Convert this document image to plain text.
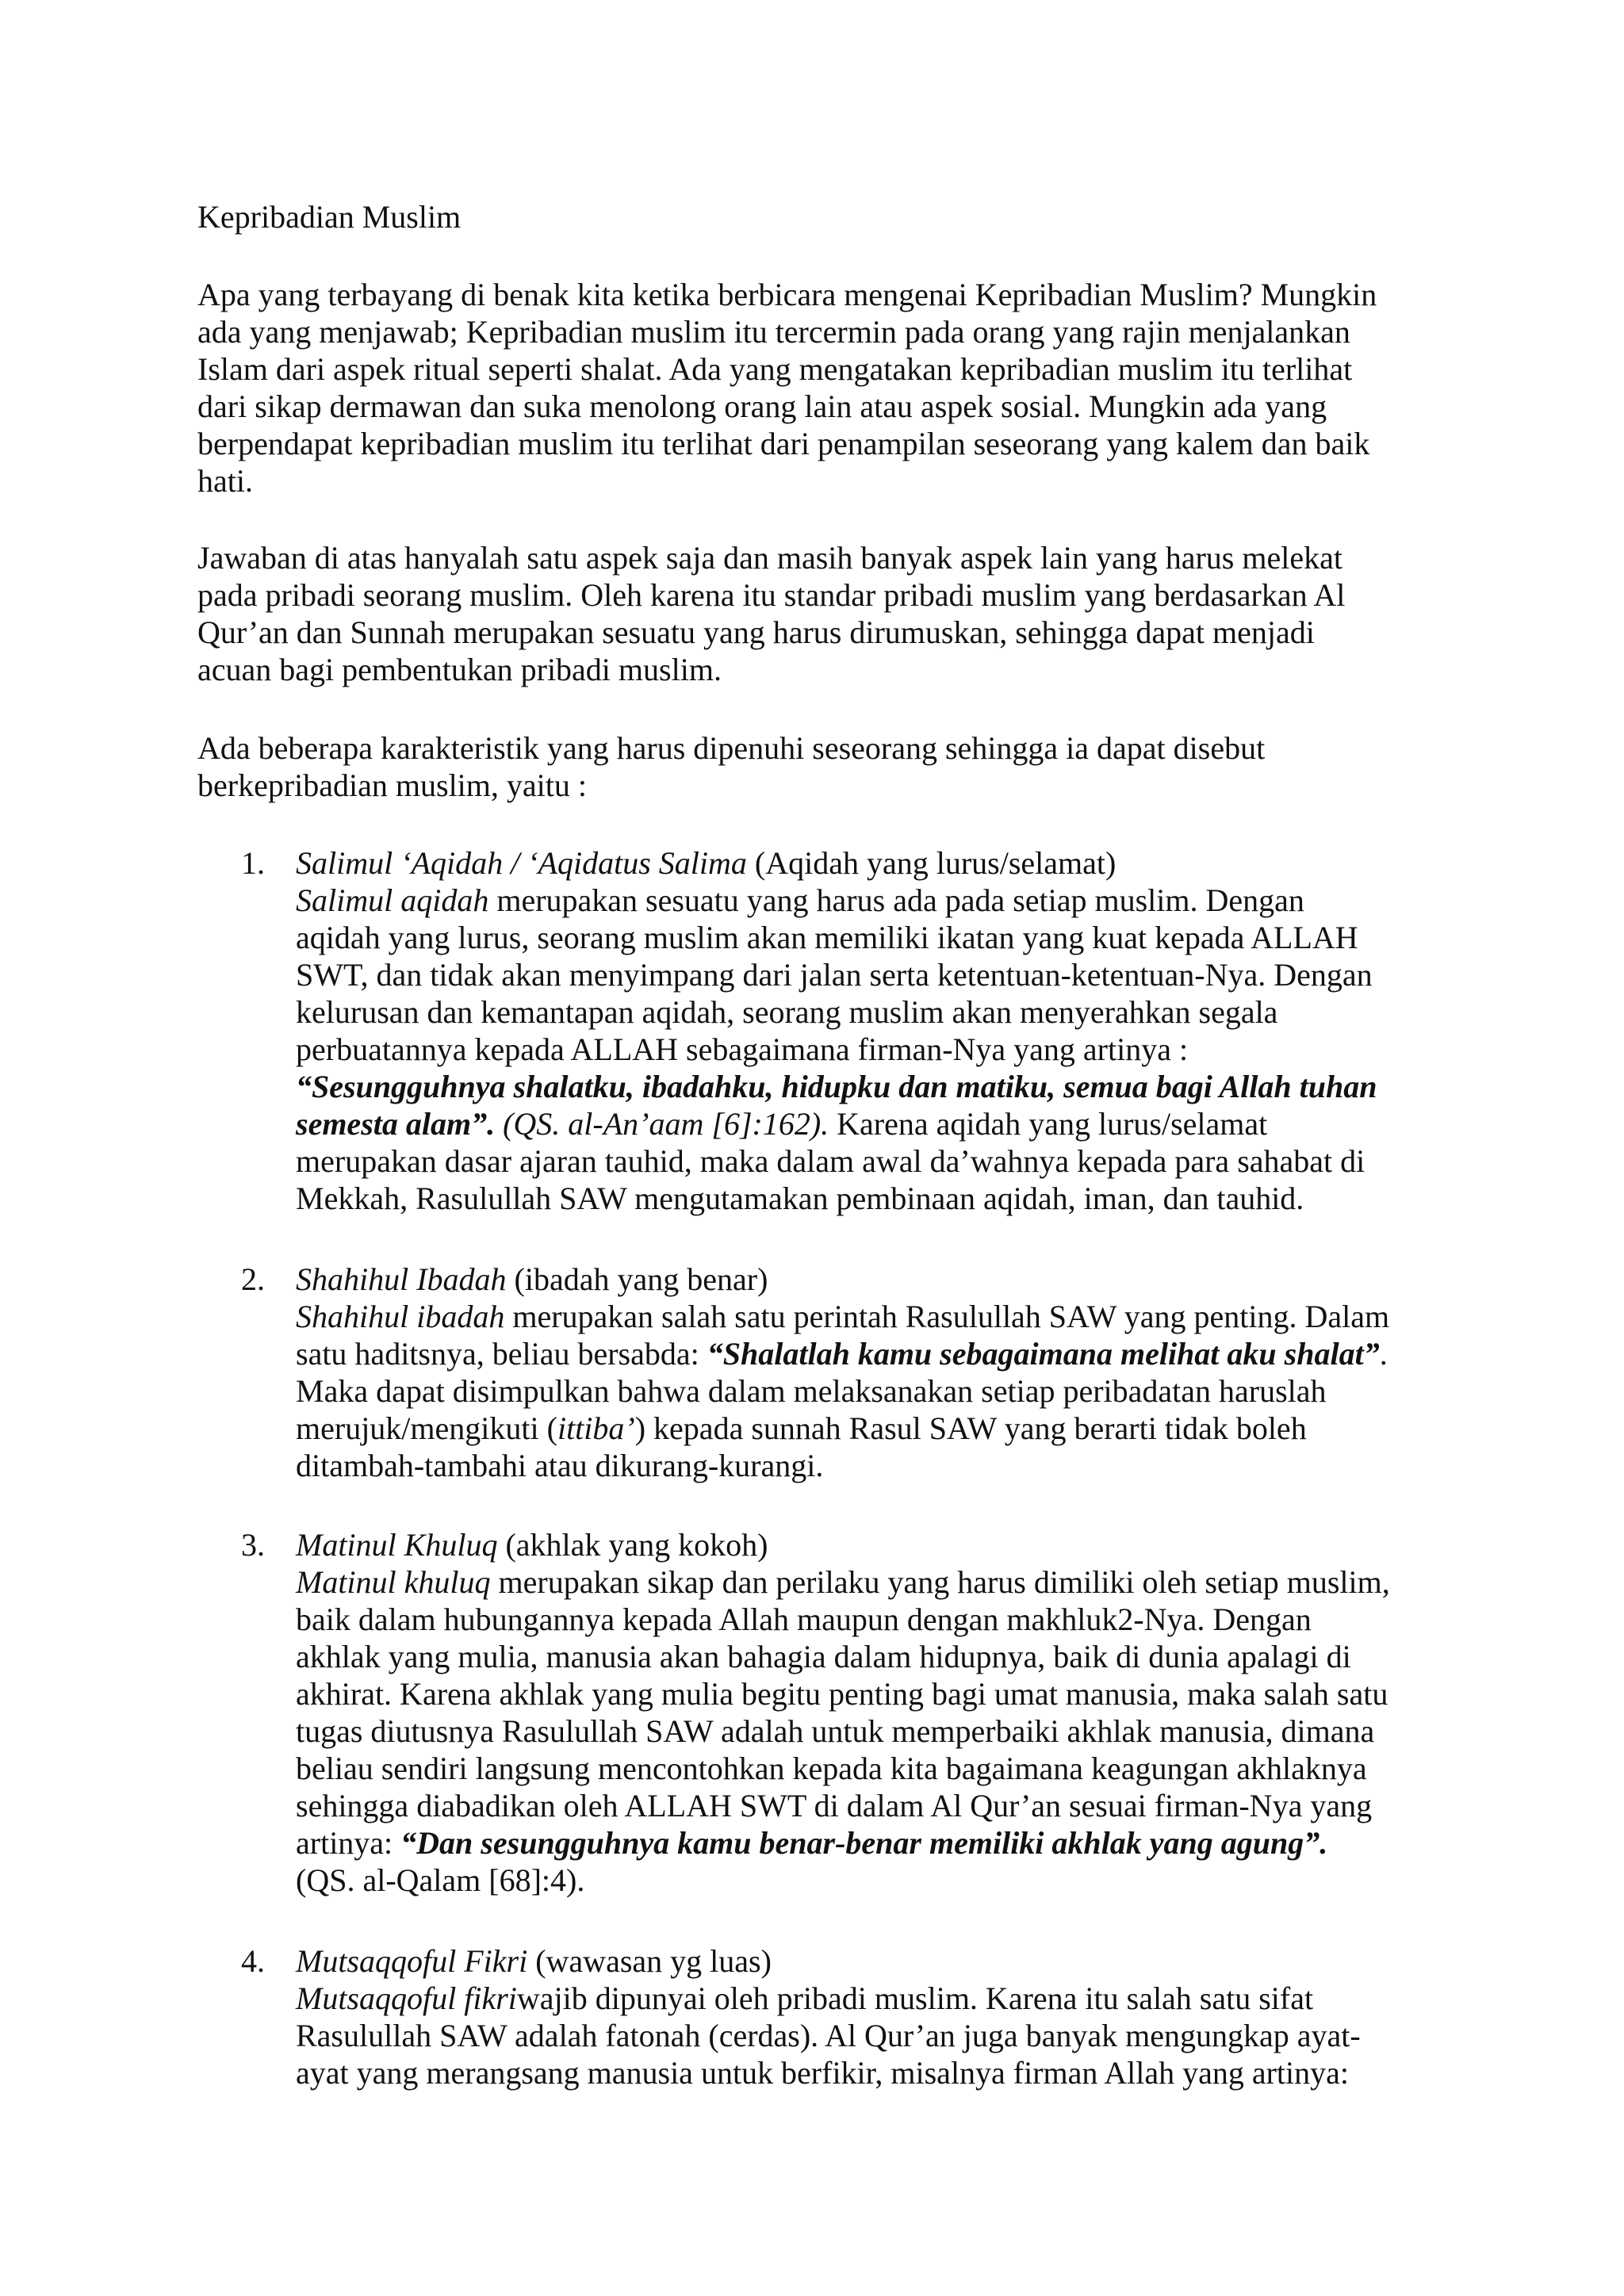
Kepribadian Muslim

Apa yang terbayang di benak kita ketika berbicara mengenai Kepribadian Muslim? Mungkin
ada yang menjawab; Kepribadian muslim itu tercermin pada orang yang rajin menjalankan
Islam dari aspek ritual seperti shalat. Ada yang mengatakan kepribadian muslim itu terlihat
dari sikap dermawan dan suka menolong orang lain atau aspek sosial. Mungkin ada yang
berpendapat kepribadian muslim itu terlihat dari penampilan seseorang yang kalem dan baik
hati.

Jawaban di atas hanyalah satu aspek saja dan masih banyak aspek lain yang harus melekat
pada pribadi seorang muslim. Oleh karena itu standar pribadi muslim yang berdasarkan Al
Qur’an dan Sunnah merupakan sesuatu yang harus dirumuskan, sehingga dapat menjadi
acuan bagi pembentukan pribadi muslim.

Ada beberapa karakteristik yang harus dipenuhi seseorang sehingga ia dapat disebut
berkepribadian muslim, yaitu :

1. Salimul ‘Aqidah / ‘Aqidatus Salima (Aqidah yang lurus/selamat)
Salimul aqidah merupakan sesuatu yang harus ada pada setiap muslim. Dengan
aqidah yang lurus, seorang muslim akan memiliki ikatan yang kuat kepada ALLAH
SWT, dan tidak akan menyimpang dari jalan serta ketentuan-ketentuan-Nya. Dengan
kelurusan dan kemantapan aqidah, seorang muslim akan menyerahkan segala
perbuatannya kepada ALLAH sebagaimana firman-Nya yang artinya :
“Sesungguhnya shalatku, ibadahku, hidupku dan matiku, semua bagi Allah tuhan
semesta alam”. (QS. al-An’aam [6]:162). Karena aqidah yang lurus/selamat
merupakan dasar ajaran tauhid, maka dalam awal da’wahnya kepada para sahabat di
Mekkah, Rasulullah SAW mengutamakan pembinaan aqidah, iman, dan tauhid.
2. Shahihul Ibadah (ibadah yang benar)
Shahihul ibadah merupakan salah satu perintah Rasulullah SAW yang penting. Dalam
satu haditsnya, beliau bersabda: “Shalatlah kamu sebagaimana melihat aku shalat”.
Maka dapat disimpulkan bahwa dalam melaksanakan setiap peribadatan haruslah
merujuk/mengikuti (ittiba’) kepada sunnah Rasul SAW yang berarti tidak boleh
ditambah-tambahi atau dikurang-kurangi.
3. Matinul Khuluq (akhlak yang kokoh)
Matinul khuluq merupakan sikap dan perilaku yang harus dimiliki oleh setiap muslim,
baik dalam hubungannya kepada Allah maupun dengan makhluk2-Nya. Dengan
akhlak yang mulia, manusia akan bahagia dalam hidupnya, baik di dunia apalagi di
akhirat. Karena akhlak yang mulia begitu penting bagi umat manusia, maka salah satu
tugas diutusnya Rasulullah SAW adalah untuk memperbaiki akhlak manusia, dimana
beliau sendiri langsung mencontohkan kepada kita bagaimana keagungan akhlaknya
sehingga diabadikan oleh ALLAH SWT di dalam Al Qur’an sesuai firman-Nya yang
artinya: “Dan sesungguhnya kamu benar-benar memiliki akhlak yang agung”.
(QS. al-Qalam [68]:4).
4. Mutsaqqoful Fikri (wawasan yg luas)
Mutsaqqoful fikriwajib dipunyai oleh pribadi muslim. Karena itu salah satu sifat
Rasulullah SAW adalah fatonah (cerdas). Al Qur’an juga banyak mengungkap ayat-
ayat yang merangsang manusia untuk berfikir, misalnya firman Allah yang artinya:
